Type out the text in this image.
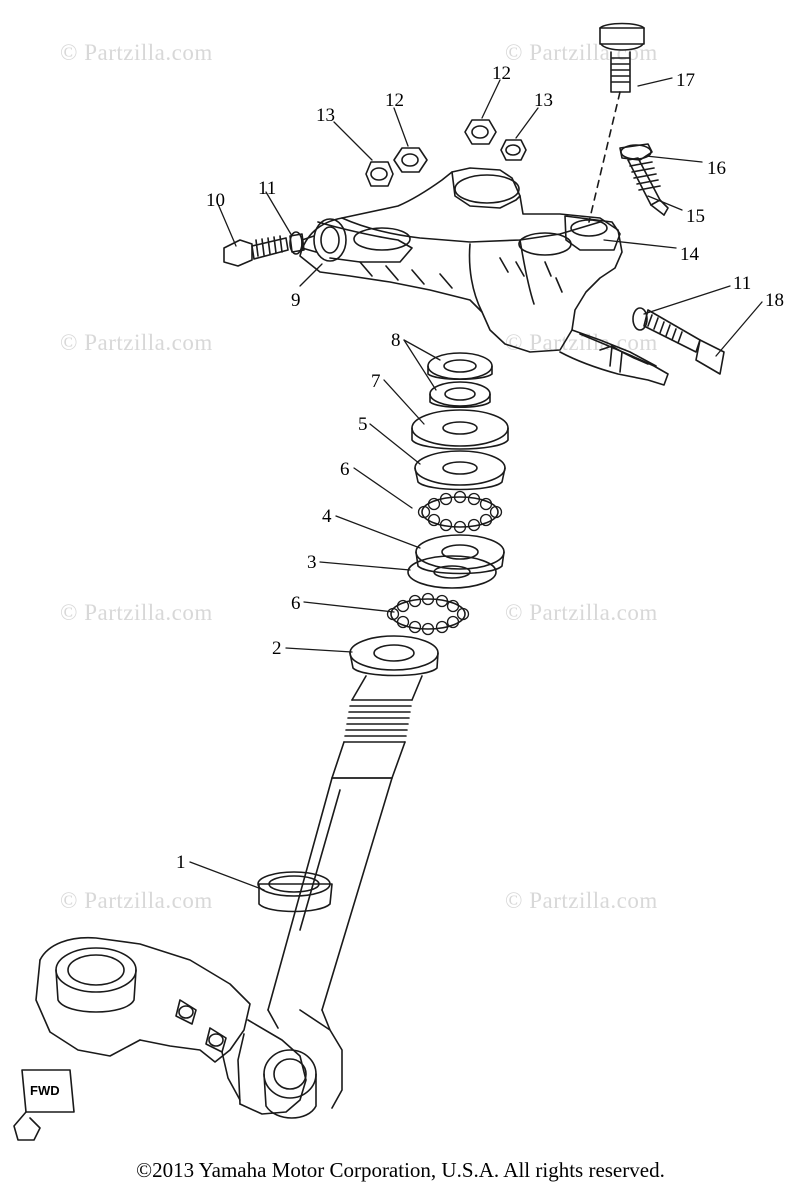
© Partzilla.com	© Partzilla.com
© Partzilla.com	© Partzilla.com
© Partzilla.com	© Partzilla.com
© Partzilla.com	© Partzilla.com
13
12
12
13
17
16
15
14
10
11
9
11
18
8
7
5
6
4
3
6
2
1
FWD
©2013 Yamaha Motor Corporation, U.S.A. All rights reserved.
